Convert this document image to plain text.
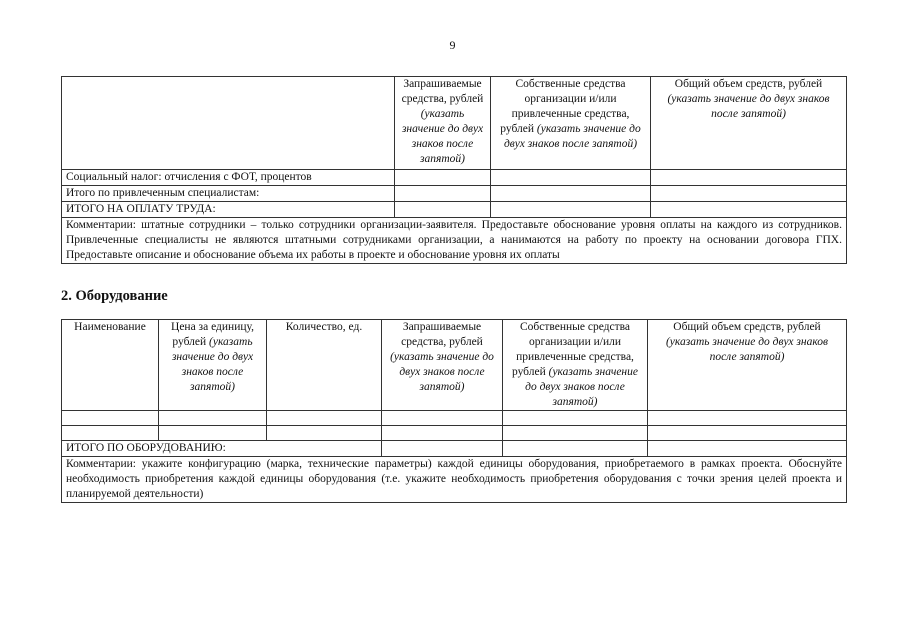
9
	Запрашиваемые средства, рублей (указать значение до двух знаков после запятой)	Собственные средства организации и/или привлеченные средства, рублей (указать значение до двух знаков после запятой)	Общий объем средств, рублей
(указать значение до двух знаков после запятой)
Социальный налог: отчисления с ФОТ, процентов			
Итого по привлеченным специалистам:			
ИТОГО НА ОПЛАТУ ТРУДА:			
Комментарии: штатные сотрудники – только сотрудники организации-заявителя. Предоставьте обоснование уровня оплаты на каждого из сотрудников. Привлеченные специалисты не являются штатными сотрудниками организации, а нанимаются на работу по проекту на основании договора ГПХ. Предоставьте описание и обоснование объема их работы в проекте и обоснование уровня их оплаты			
2. Оборудование
Наименование	Цена за единицу, рублей (указать значение до двух знаков после запятой)	Количество, ед.	Запрашиваемые средства, рублей (указать значение до двух знаков после запятой)	Собственные средства организации и/или привлеченные средства, рублей (указать значение до двух знаков после запятой)	Общий объем средств, рублей
(указать значение до двух знаков после запятой)

ИТОГО ПО ОБОРУДОВАНИЮ:					
Комментарии: укажите конфигурацию (марка, технические параметры) каждой единицы оборудования, приобретаемого в рамках проекта. Обоснуйте необходимость приобретения каждой единицы оборудования (т.е. укажите необходимость приобретения оборудования с точки зрения целей проекта и планируемой деятельности)					
